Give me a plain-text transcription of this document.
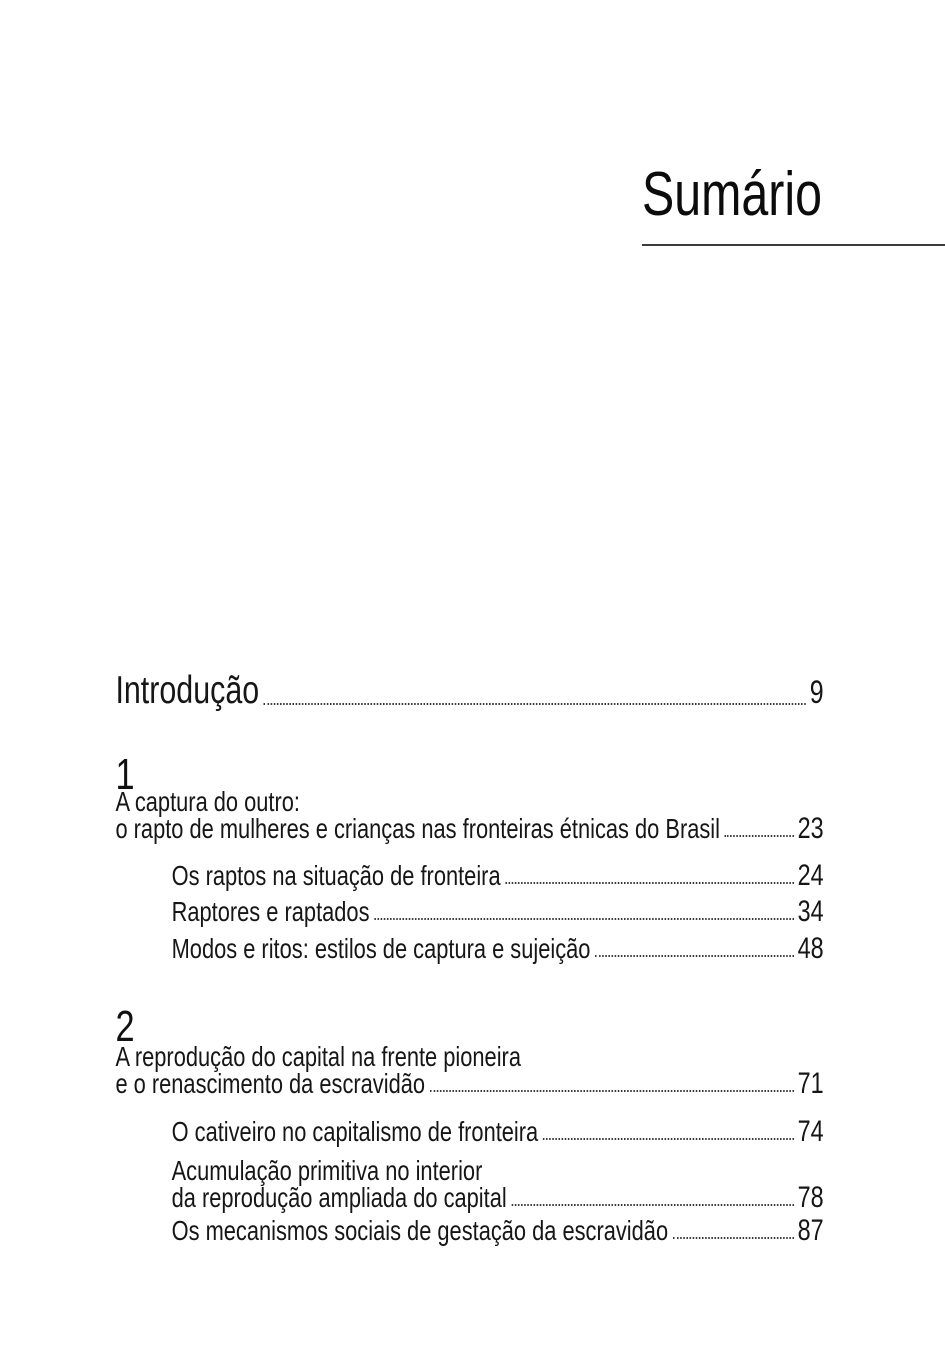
Sumário
Introdução	9
1
A captura do outro:
o rapto de mulheres e crianças nas fronteiras étnicas do Brasil	23
Os raptos na situação de fronteira	24
Raptores e raptados	34
Modos e ritos: estilos de captura e sujeição	48
2
A reprodução do capital na frente pioneira
e o renascimento da escravidão	71
O cativeiro no capitalismo de fronteira	74
Acumulação primitiva no interior
da reprodução ampliada do capital	78
Os mecanismos sociais de gestação da escravidão	87
